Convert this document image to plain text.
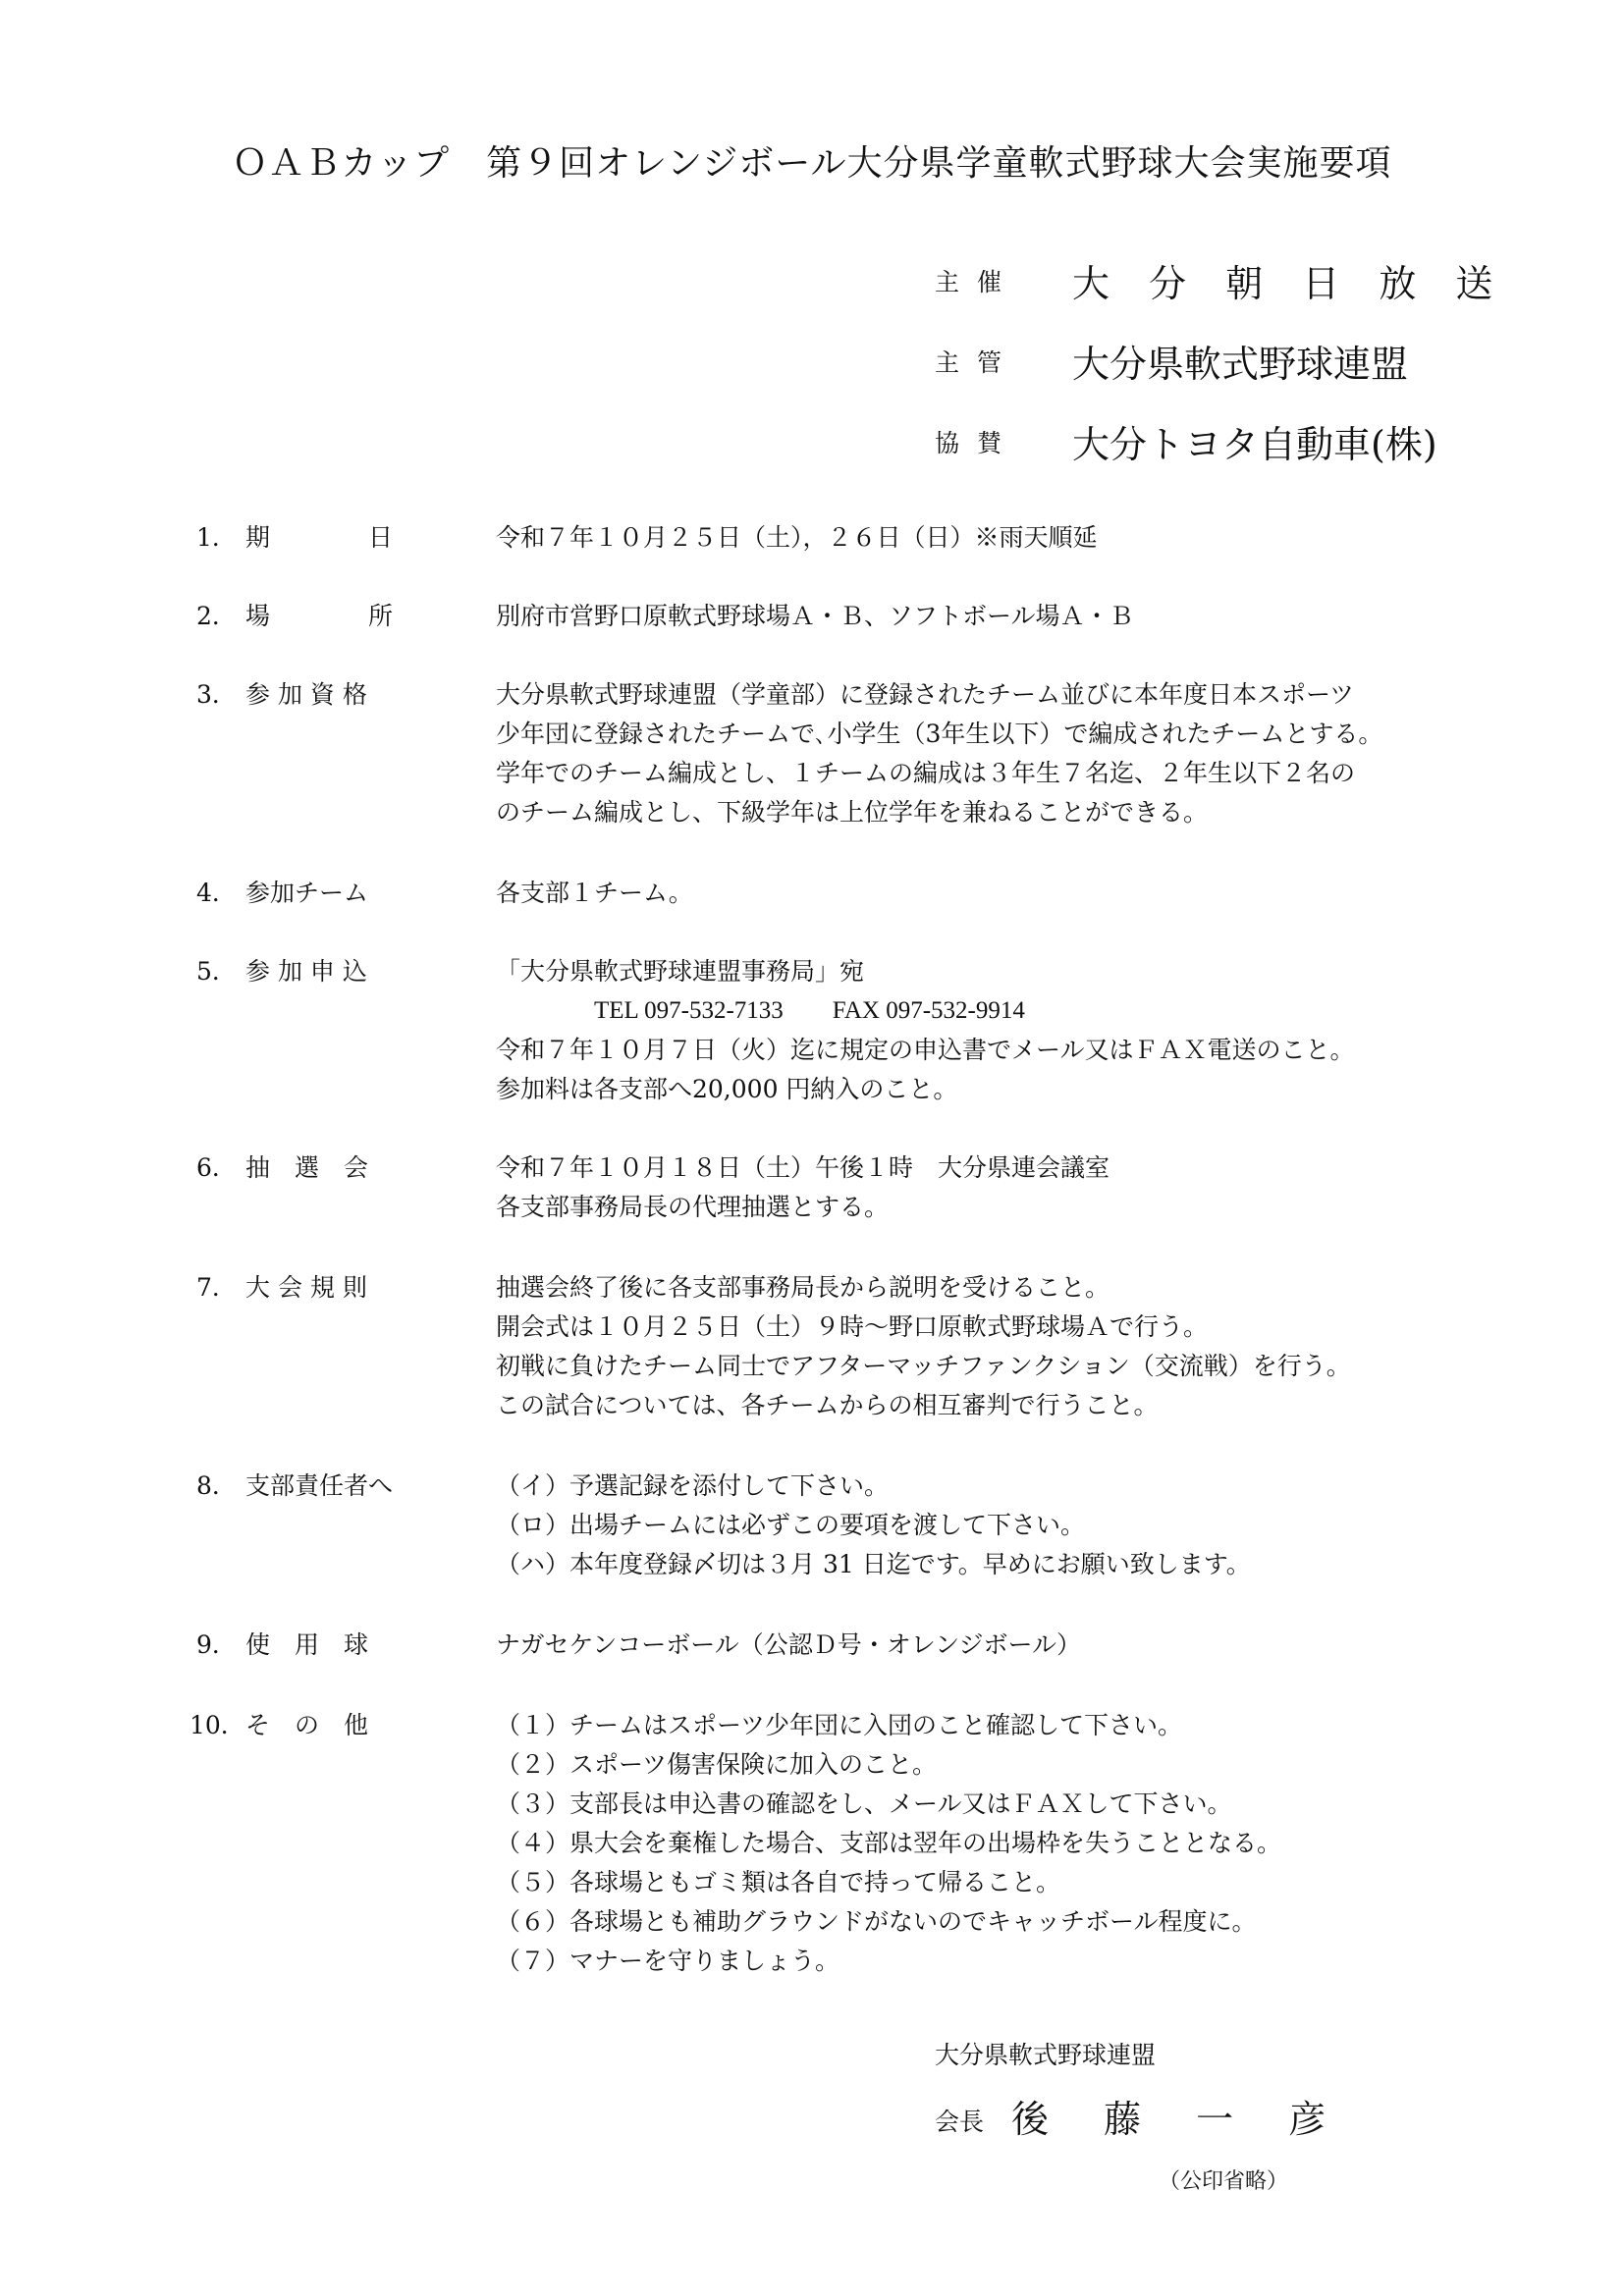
ＯＡＢカップ　第９回オレンジボール大分県学童軟式野球大会実施要項
主催 大 分 朝 日 放 送
主管 大分県軟式野球連盟
協賛 大分トヨタ自動車(株)
1． 期　　　　日	令和７年１０月２５日（土），２６日（日）※雨天順延
2． 場　　　　所	別府市営野口原軟式野球場Ａ・Ｂ、ソフトボール場Ａ・Ｂ
3． 参 加 資 格	大分県軟式野球連盟（学童部）に登録されたチーム並びに本年度日本スポーツ
少年団に登録されたチームで､小学生（3年生以下）で編成されたチームとする。
学年でのチーム編成とし、１チームの編成は３年生７名迄、２年生以下２名の
のチーム編成とし、下級学年は上位学年を兼ねることができる。
4． 参加チーム	各支部１チーム。
5． 参 加 申 込	「大分県軟式野球連盟事務局」宛
　　　　TEL 097-532-7133　　FAX 097-532-9914
令和７年１０月７日（火）迄に規定の申込書でメール又はＦＡＸ電送のこと。
参加料は各支部へ20,000 円納入のこと。
6． 抽　選　会	令和７年１０月１８日（土）午後１時　大分県連会議室
各支部事務局長の代理抽選とする。
7． 大 会 規 則	抽選会終了後に各支部事務局長から説明を受けること。
開会式は１０月２５日（土）９時～野口原軟式野球場Ａで行う。
初戦に負けたチーム同士でアフターマッチファンクション（交流戦）を行う。
この試合については、各チームからの相互審判で行うこと。
8． 支部責任者へ	（イ）予選記録を添付して下さい。
（ロ）出場チームには必ずこの要項を渡して下さい。
（ハ）本年度登録〆切は３月 31 日迄です。早めにお願い致します。
9． 使　用　球	ナガセケンコーボール（公認Ｄ号・オレンジボール）
10． そ　の　他	（１）チームはスポーツ少年団に入団のこと確認して下さい。
（２）スポーツ傷害保険に加入のこと。
（３）支部長は申込書の確認をし、メール又はＦＡＸして下さい。
（４）県大会を棄権した場合、支部は翌年の出場枠を失うこととなる。
（５）各球場ともゴミ類は各自で持って帰ること。
（６）各球場とも補助グラウンドがないのでキャッチボール程度に。
（７）マナーを守りましょう。
大分県軟式野球連盟
会長 後 藤 一 彦
（公印省略）
